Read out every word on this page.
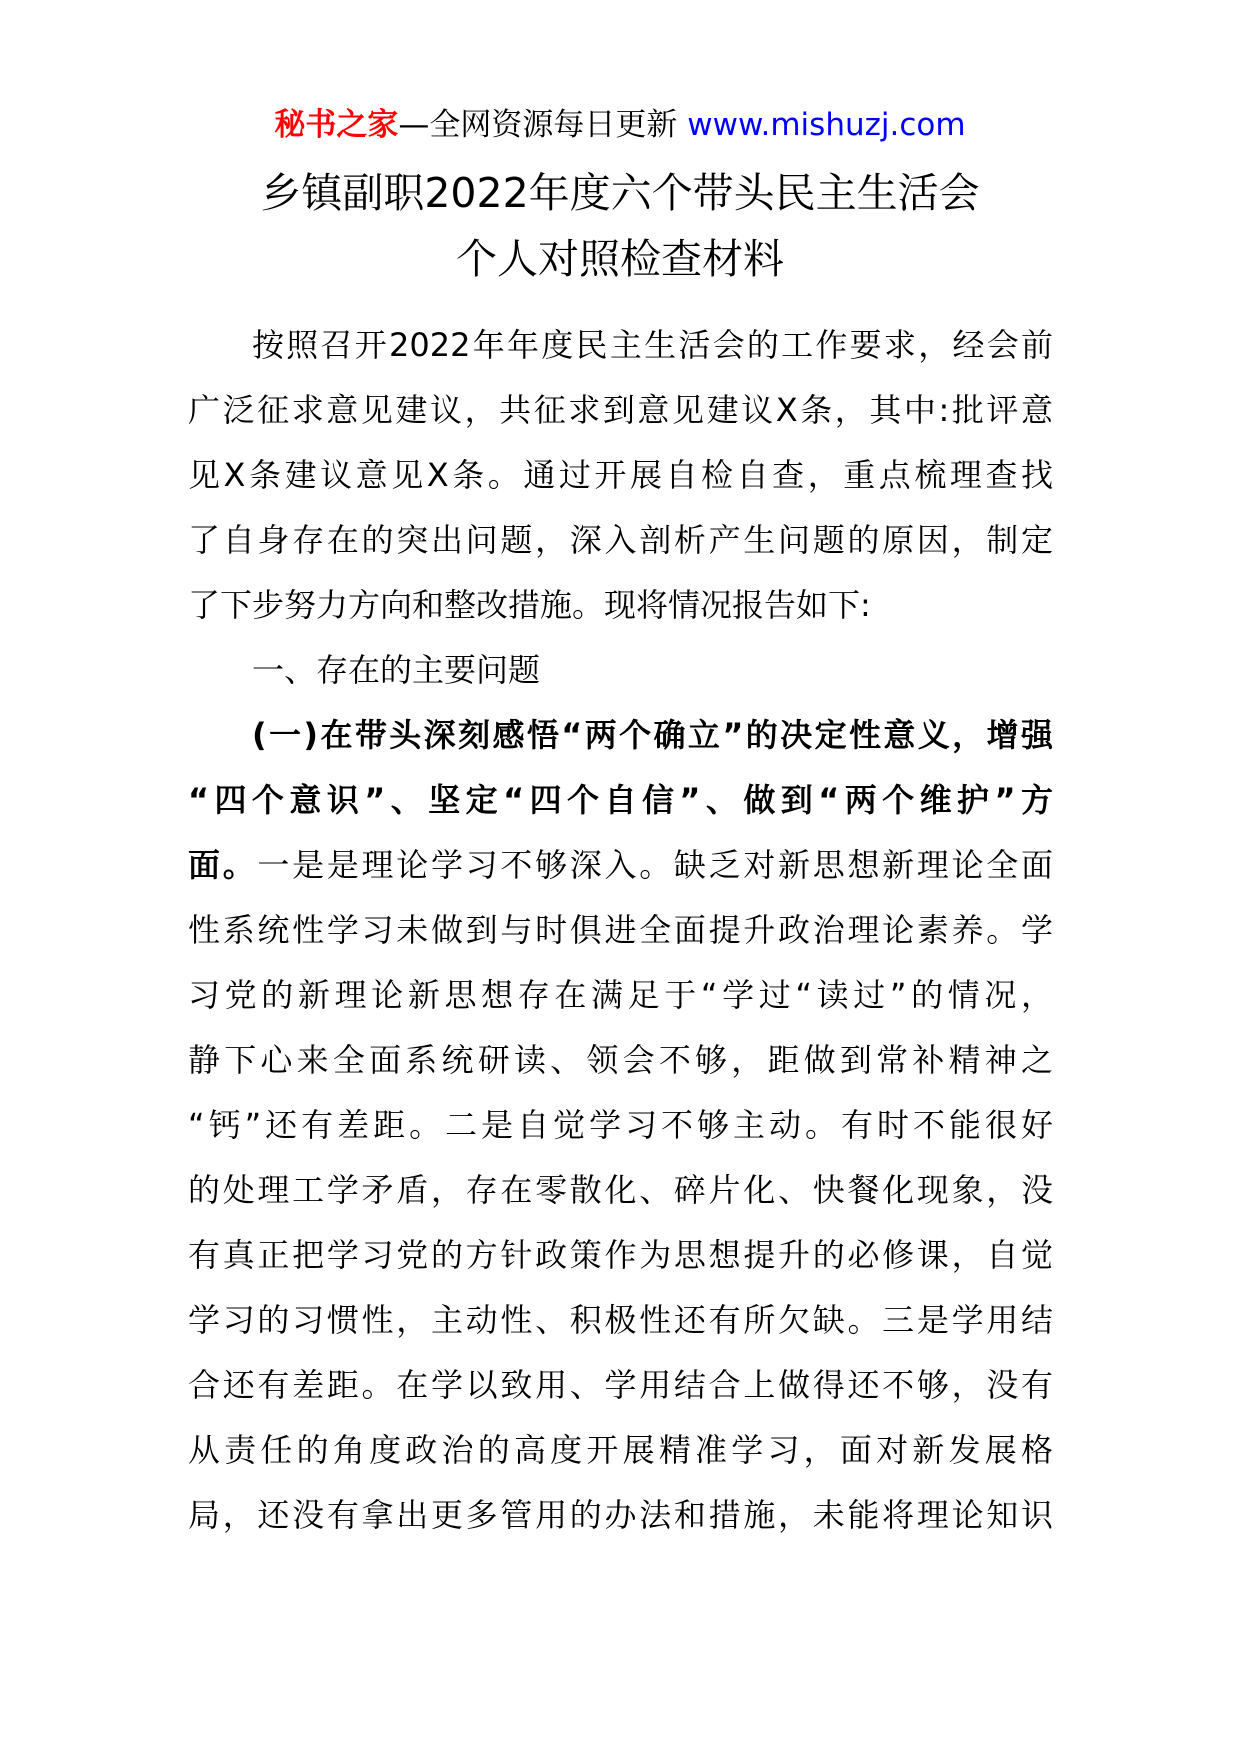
秘书之家—全网资源每日更新 www.mishuzj.com
乡镇副职2022年度六个带头民主生活会
个人对照检查材料
按照召开2022年年度民主生活会的工作要求，经会前
广泛征求意见建议，共征求到意见建议X条，其中:批评意
见X条建议意见X条。通过开展自检自查，重点梳理查找
了自身存在的突出问题，深入剖析产生问题的原因，制定
了下步努力方向和整改措施。现将情况报告如下:
一、存在的主要问题
(一)在带头深刻感悟“两个确立”的决定性意义，增强
“四个意识”、坚定“四个自信”、做到“两个维护”方
面。一是是理论学习不够深入。缺乏对新思想新理论全面
性系统性学习未做到与时俱进全面提升政治理论素养。学
习党的新理论新思想存在满足于“学过“读过”的情况，
静下心来全面系统研读、领会不够，距做到常补精神之
“钙”还有差距。二是自觉学习不够主动。有时不能很好
的处理工学矛盾，存在零散化、碎片化、快餐化现象，没
有真正把学习党的方针政策作为思想提升的必修课，自觉
学习的习惯性，主动性、积极性还有所欠缺。三是学用结
合还有差距。在学以致用、学用结合上做得还不够，没有
从责任的角度政治的高度开展精准学习，面对新发展格
局，还没有拿出更多管用的办法和措施，未能将理论知识
